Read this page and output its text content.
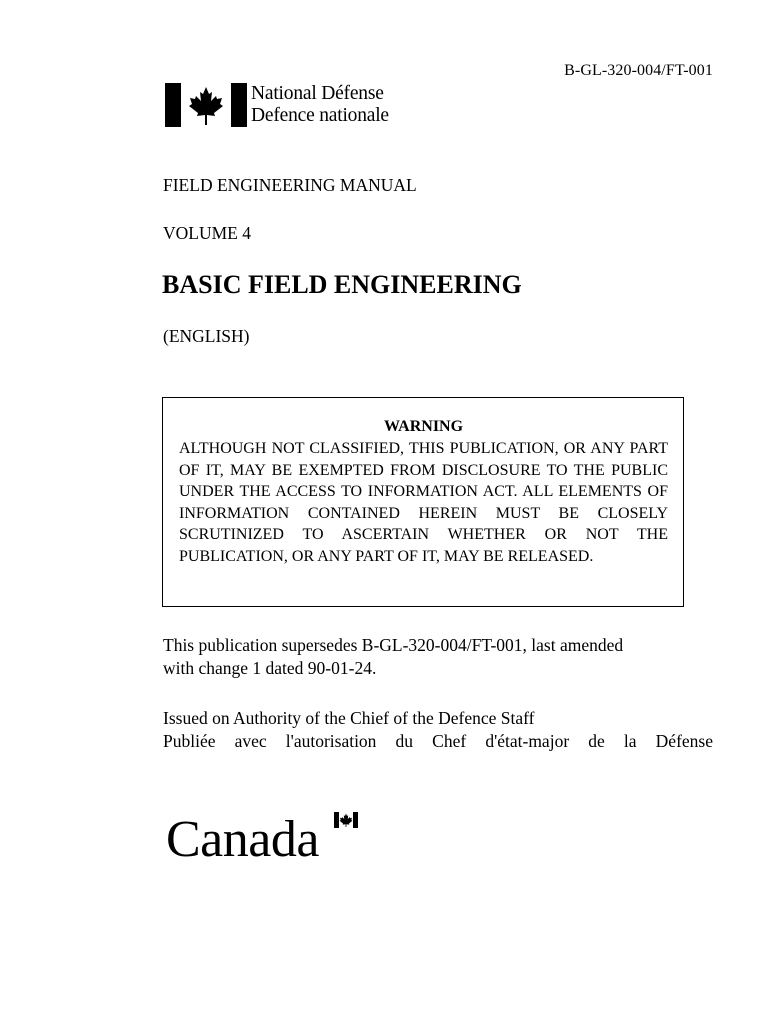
B-GL-320-004/FT-001
National Défense
Defence nationale
FIELD ENGINEERING MANUAL
VOLUME 4
BASIC FIELD ENGINEERING
(ENGLISH)
WARNING

ALTHOUGH NOT CLASSIFIED, THIS PUBLICATION, OR ANY PART OF IT, MAY BE EXEMPTED FROM DISCLOSURE TO THE PUBLIC UNDER THE ACCESS TO INFORMATION ACT. ALL ELEMENTS OF INFORMATION CONTAINED HEREIN MUST BE CLOSELY SCRUTINIZED TO ASCERTAIN WHETHER OR NOT THE PUBLICATION, OR ANY PART OF IT, MAY BE RELEASED.

This publication supersedes B-GL-320-004/FT-001, last amended with change 1 dated 90-01-24.
Issued on Authority of the Chief of the Defence Staff
Publiée avec l'autorisation du Chef d'état-major de la Défense
Canada
